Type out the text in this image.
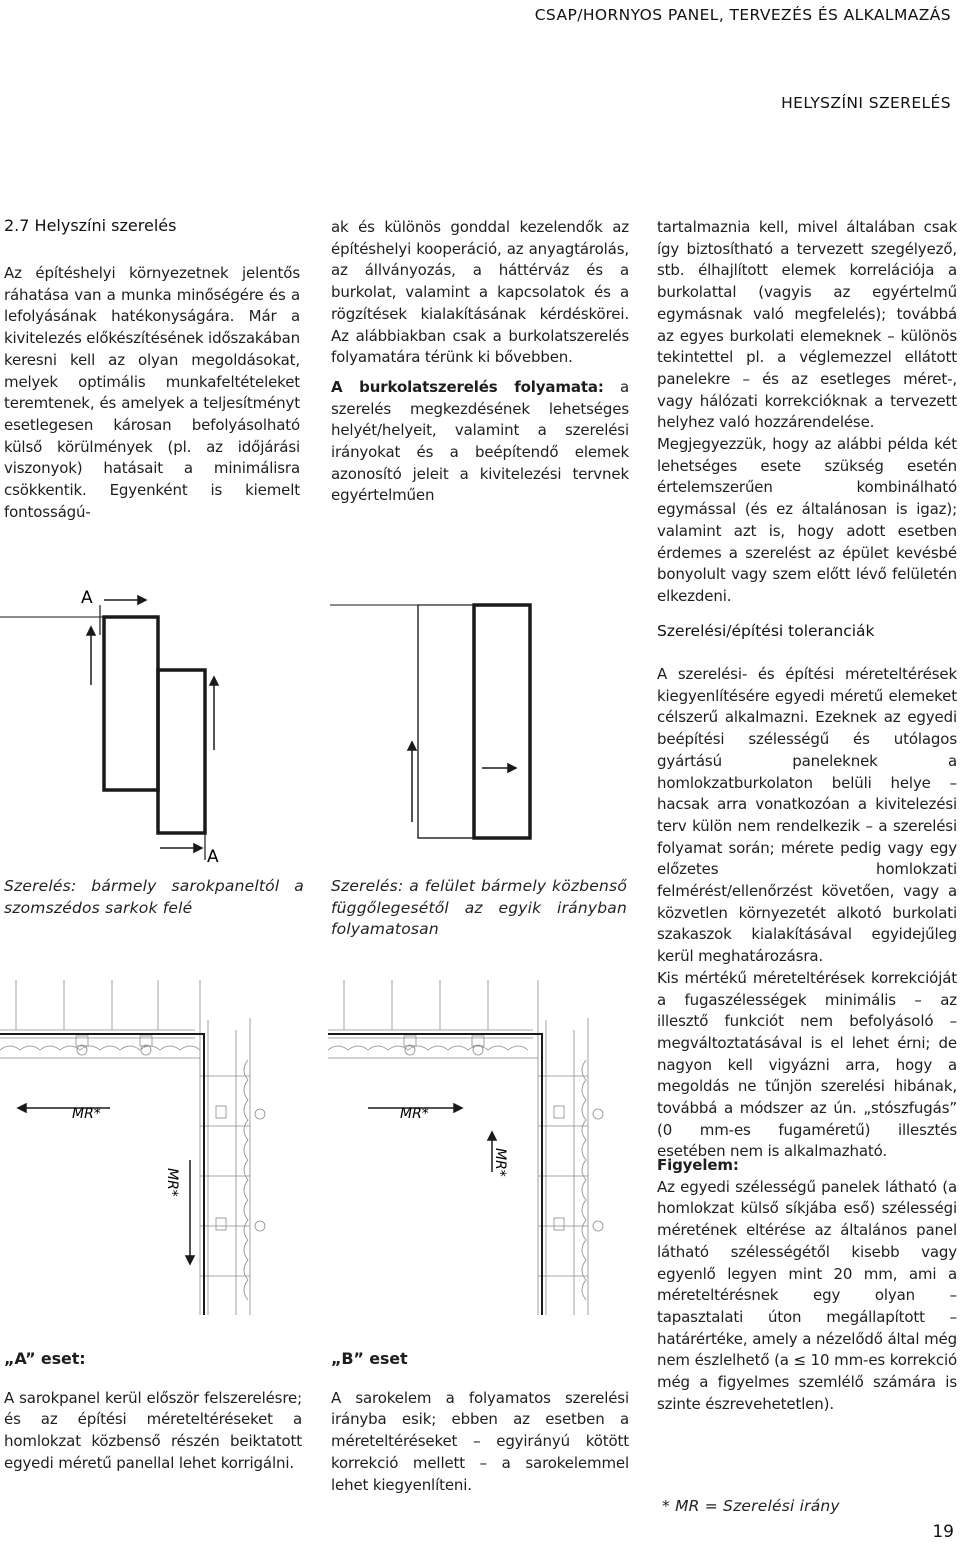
CSAP/HORNYOS PANEL, TERVEZÉS ÉS ALKALMAZÁS
HELYSZÍNI SZERELÉS
2.7 Helyszíni szerelés

Az építéshelyi környezetnek jelentős ráhatása van a munka minőségére és a lefolyásának hatékonyságára. Már a kivitelezés előkészítésének időszakában keresni kell az olyan megoldásokat, melyek optimális munkafeltételeket teremtenek, és amelyek a teljesítményt esetlegesen károsan befolyásolható külső körülmények (pl. az időjárási viszonyok) hatásait a minimálisra csökkentik. Egyenként is kiemelt fontosságú-

ak és különös gonddal kezelendők az építéshelyi kooperáció, az anyagtárolás, az állványozás, a háttérváz és a burkolat, valamint a kapcsolatok és a rögzítések kialakításának kérdéskörei. Az alábbiakban csak a burkolatszerelés folyamatára térünk ki bővebben.

A burkolatszerelés folyamata: a szerelés megkezdésének lehetséges helyét/helyeit, valamint a szerelési irányokat és a beépítendő elemek azonosító jeleit a kivitelezési tervnek egyértelműen

tartalmaznia kell, mivel általában csak így biztosítható a tervezett szegélyező, stb. élhajlított elemek korrelációja a burkolattal (vagyis az egyértelmű egymásnak való megfelelés); továbbá az egyes burkolati elemeknek – különös tekintettel pl. a véglemezzel ellátott panelekre – és az esetleges méret-, vagy hálózati korrekcióknak a tervezett helyhez való hozzárendelése.

Megjegyezzük, hogy az alábbi példa két lehetséges esete szükség esetén értelemszerűen kombinálható egymással (és ez általánosan is igaz); valamint azt is, hogy adott esetben érdemes a szerelést az épület kevésbé bonyolult vagy szem előtt lévő felületén elkezdeni.

Szerelési/építési toleranciák

A szerelési- és építési méreteltérések kiegyenlítésére egyedi méretű elemeket célszerű alkalmazni. Ezeknek az egyedi beépítési szélességű és utólagos gyártású paneleknek a homlokzatburkolaton belüli helye – hacsak arra vonatkozóan a kivitelezési terv külön nem rendelkezik – a szerelési folyamat során; mérete pedig vagy egy előzetes homlokzati felmérést/ellenőrzést követően, vagy a közvetlen környezetét alkotó burkolati szakaszok kialakításával egyidejűleg kerül meghatározásra.

Kis mértékű méreteltérések korrekcióját a fugaszélességek minimális – az illesztő funkciót nem befolyásoló – megváltoztatásával is el lehet érni; de nagyon kell vigyázni arra, hogy a megoldás ne tűnjön szerelési hibának, továbbá a módszer az ún. „stószfugás” (0 mm-es fugaméretű) illesztés esetében nem is alkalmazható.

Figyelem:

Az egyedi szélességű panelek látható (a homlokzat külső síkjába eső) szélességi méretének eltérése az általános panel látható szélességétől kisebb vagy egyenlő legyen mint 20 mm, ami a méreteltérésnek egy olyan – tapasztalati úton megállapított – határértéke, amely a nézelődő által még nem észlelhető (a ≤ 10 mm-es korrekció még a figyelmes szemlélő számára is szinte észrevehetetlen).

* MR = Szerelési irány
A
A
Szerelés: bármely sarokpaneltól a szomszédos sarkok felé
Szerelés: a felület bármely közbenső függőlegesétől az egyik irányban folyamatosan
MR*
MR*
MR*
MR*

„A” eset:

A sarokpanel kerül először felszerelésre; és az építési méreteltéréseket a homlokzat közbenső részén beiktatott egyedi méretű panellal lehet korrigálni.

„B” eset

A sarokelem a folyamatos szerelési irányba esik; ebben az esetben a méreteltéréseket – egyirányú kötött korrekció mellett – a sarokelemmel lehet kiegyenlíteni.

19
